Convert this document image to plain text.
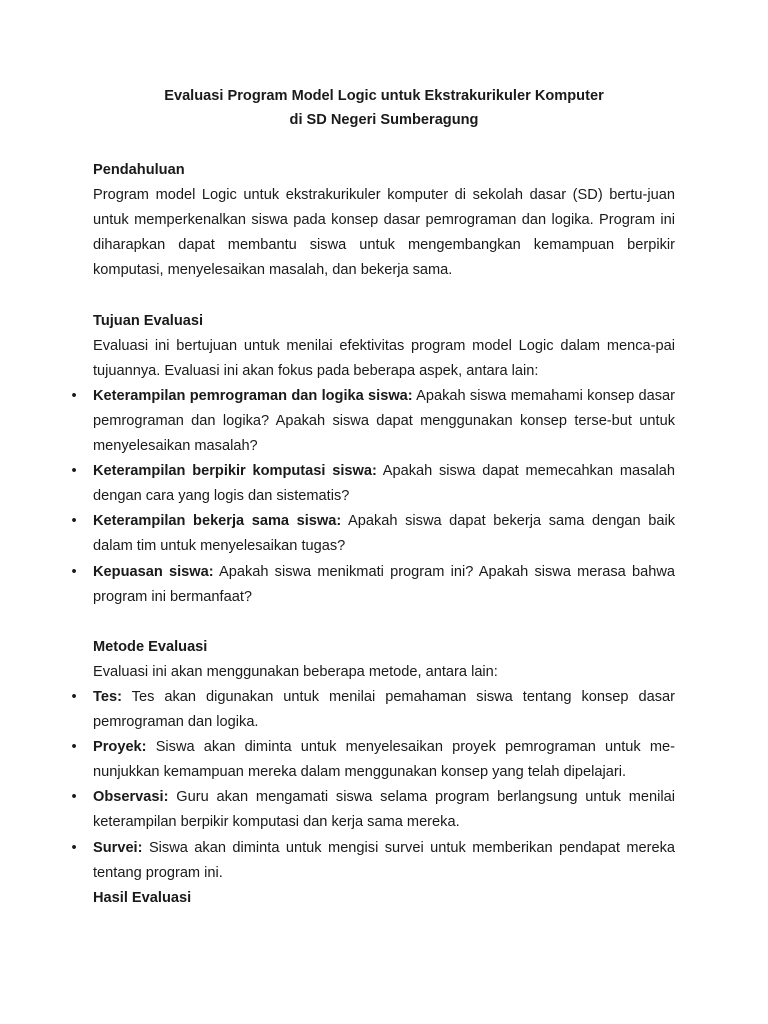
Evaluasi Program Model Logic untuk Ekstrakurikuler Komputer

di SD Negeri Sumberagung

Pendahuluan

Program model Logic untuk ekstrakurikuler komputer di sekolah dasar (SD) bertu-juan untuk memperkenalkan siswa pada konsep dasar pemrograman dan logika. Program ini diharapkan dapat membantu siswa untuk mengembangkan kemampuan berpikir komputasi, menyelesaikan masalah, dan bekerja sama.

Tujuan Evaluasi

Evaluasi ini bertujuan untuk menilai efektivitas program model Logic dalam menca-pai tujuannya. Evaluasi ini akan fokus pada beberapa aspek, antara lain:

• Keterampilan pemrograman dan logika siswa: Apakah siswa memahami konsep dasar pemrograman dan logika? Apakah siswa dapat menggunakan konsep terse-but untuk menyelesaikan masalah?
• Keterampilan berpikir komputasi siswa: Apakah siswa dapat memecahkan masalah dengan cara yang logis dan sistematis?
• Keterampilan bekerja sama siswa: Apakah siswa dapat bekerja sama dengan baik dalam tim untuk menyelesaikan tugas?
• Kepuasan siswa: Apakah siswa menikmati program ini? Apakah siswa merasa bahwa program ini bermanfaat?

Metode Evaluasi

Evaluasi ini akan menggunakan beberapa metode, antara lain:

• Tes: Tes akan digunakan untuk menilai pemahaman siswa tentang konsep dasar pemrograman dan logika.
• Proyek: Siswa akan diminta untuk menyelesaikan proyek pemrograman untuk me-nunjukkan kemampuan mereka dalam menggunakan konsep yang telah dipelajari.
• Observasi: Guru akan mengamati siswa selama program berlangsung untuk menilai keterampilan berpikir komputasi dan kerja sama mereka.
• Survei: Siswa akan diminta untuk mengisi survei untuk memberikan pendapat mereka tentang program ini.

Hasil Evaluasi
